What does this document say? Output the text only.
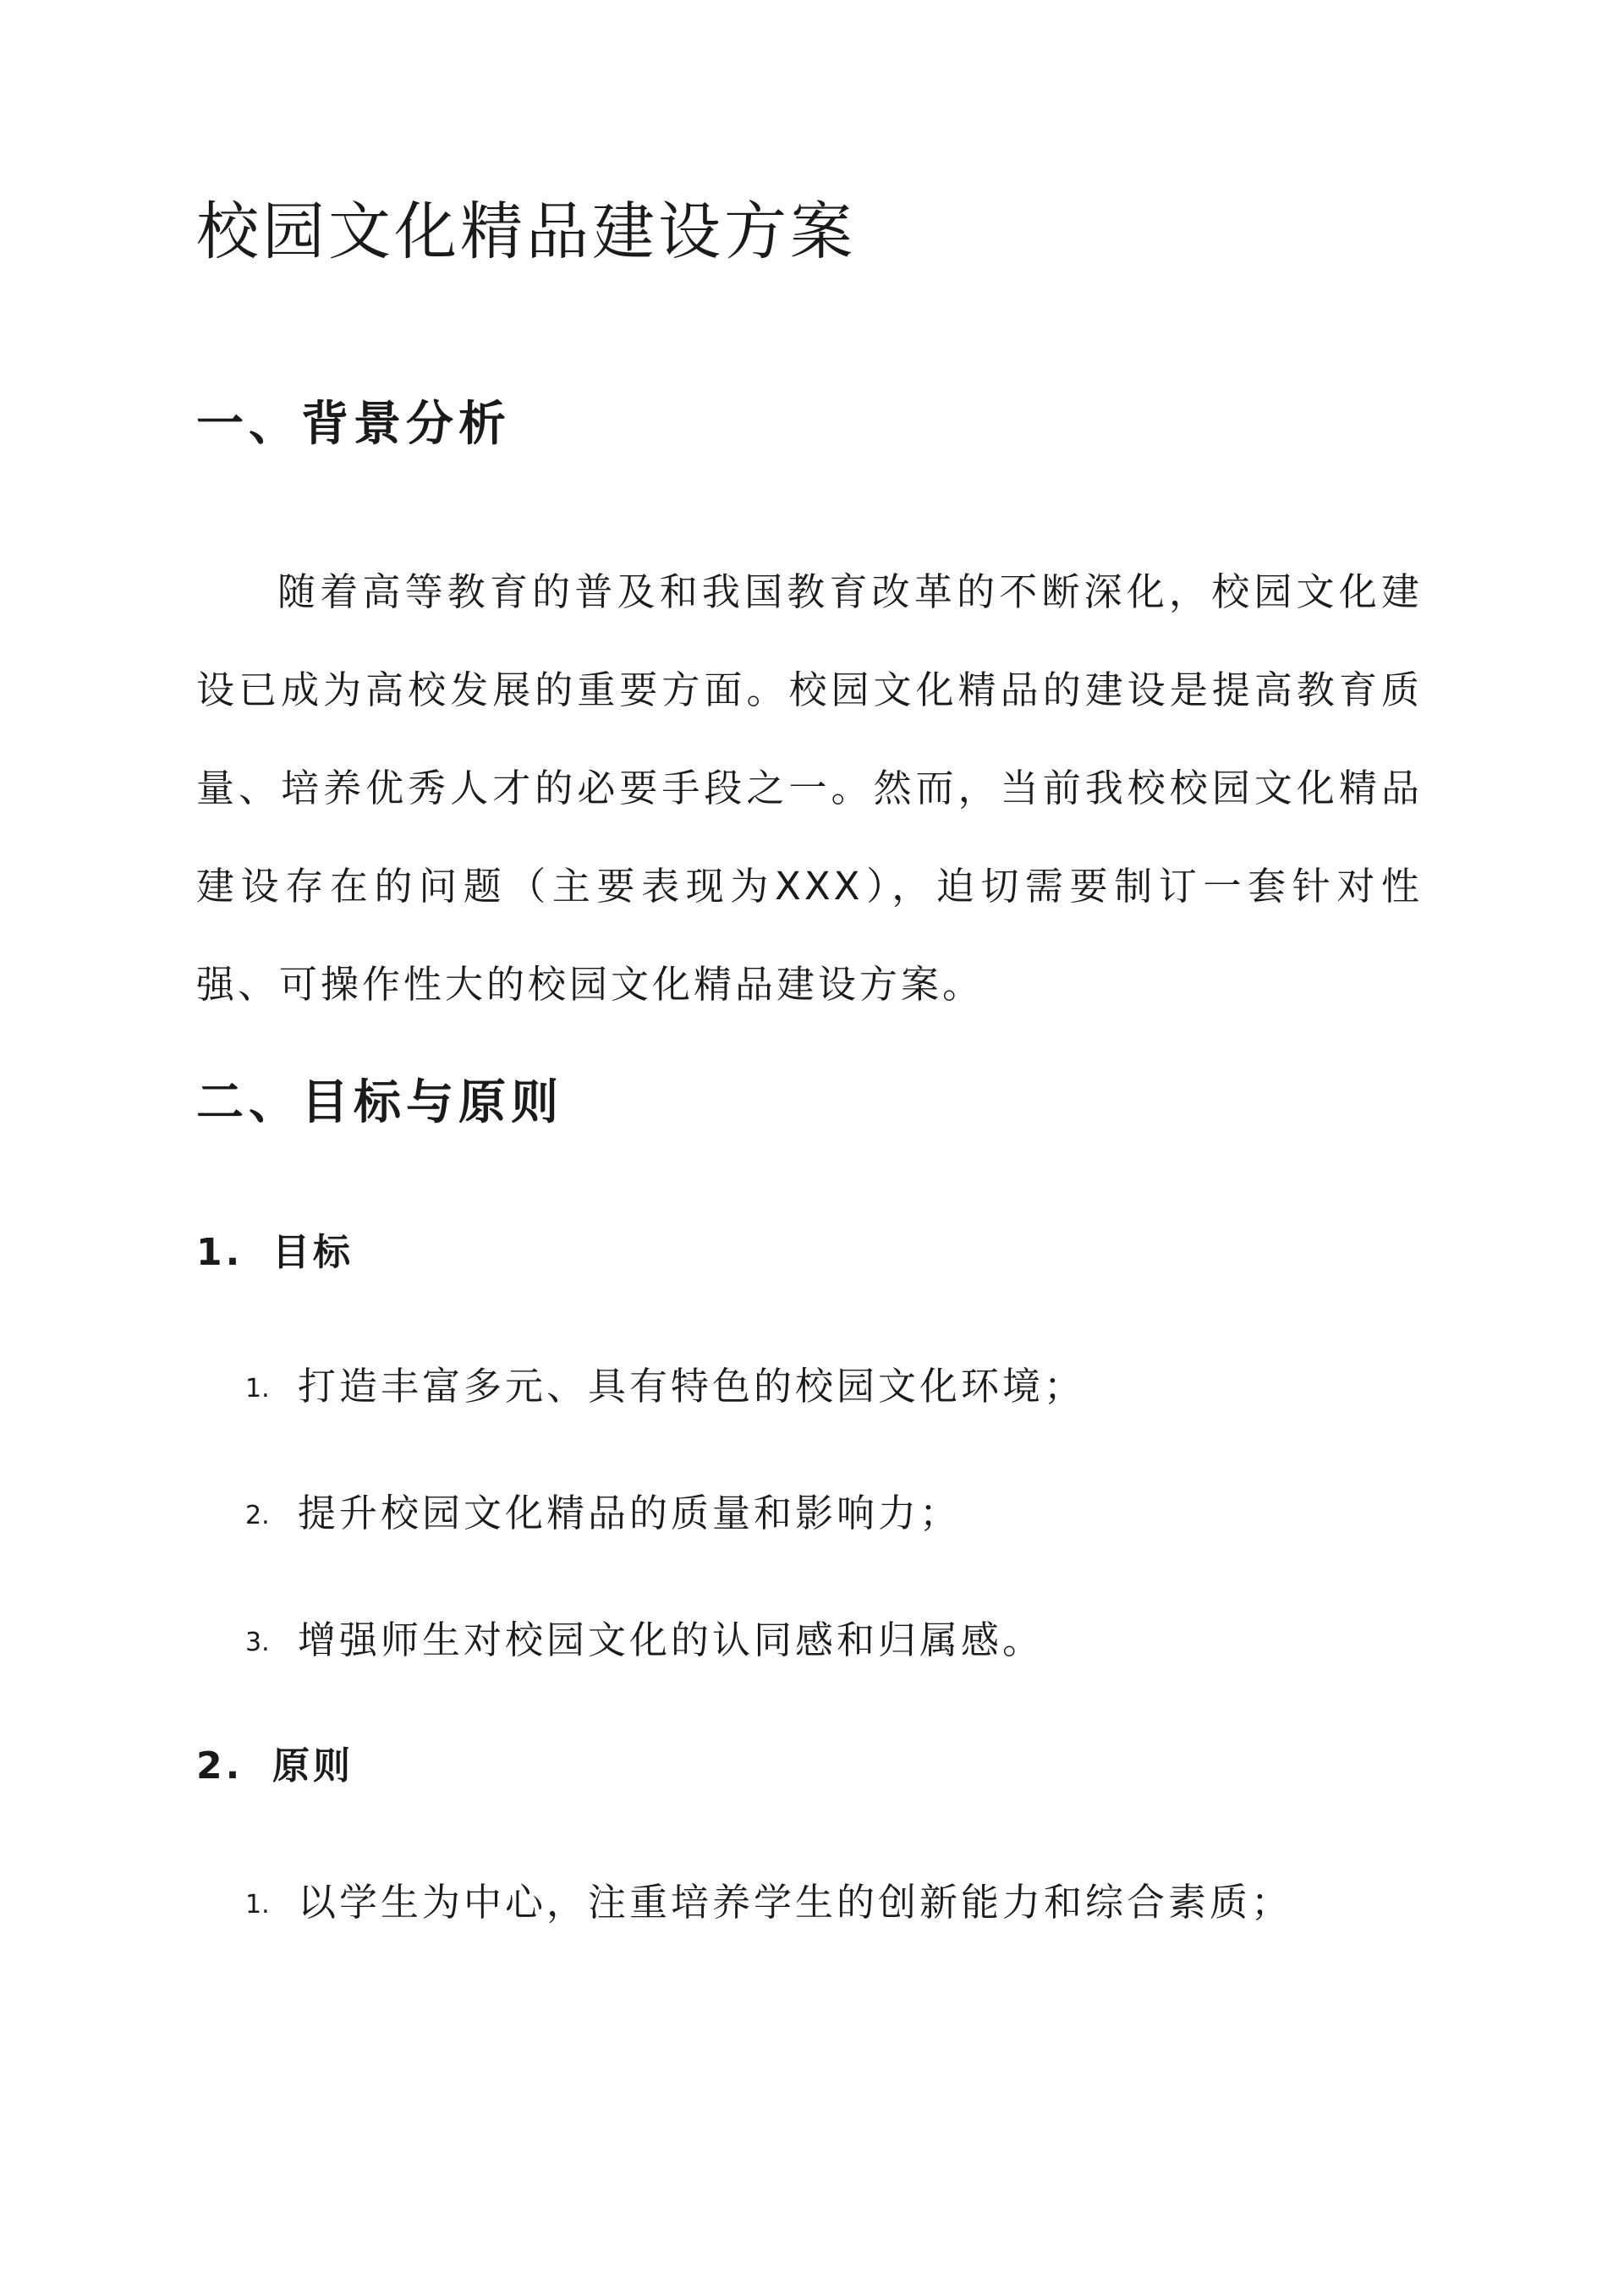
校园文化精品建设方案
一、背景分析

随着高等教育的普及和我国教育改革的不断深化，校园文化建设已成为高校发展的重要方面。校园文化精品的建设是提高教育质量、培养优秀人才的必要手段之一。然而，当前我校校园文化精品建设存在的问题（主要表现为XXX），迫切需要制订一套针对性强、可操作性大的校园文化精品建设方案。

二、目标与原则
1. 目标
1. 打造丰富多元、具有特色的校园文化环境；
2. 提升校园文化精品的质量和影响力；
3. 增强师生对校园文化的认同感和归属感。
2. 原则
1. 以学生为中心，注重培养学生的创新能力和综合素质；
